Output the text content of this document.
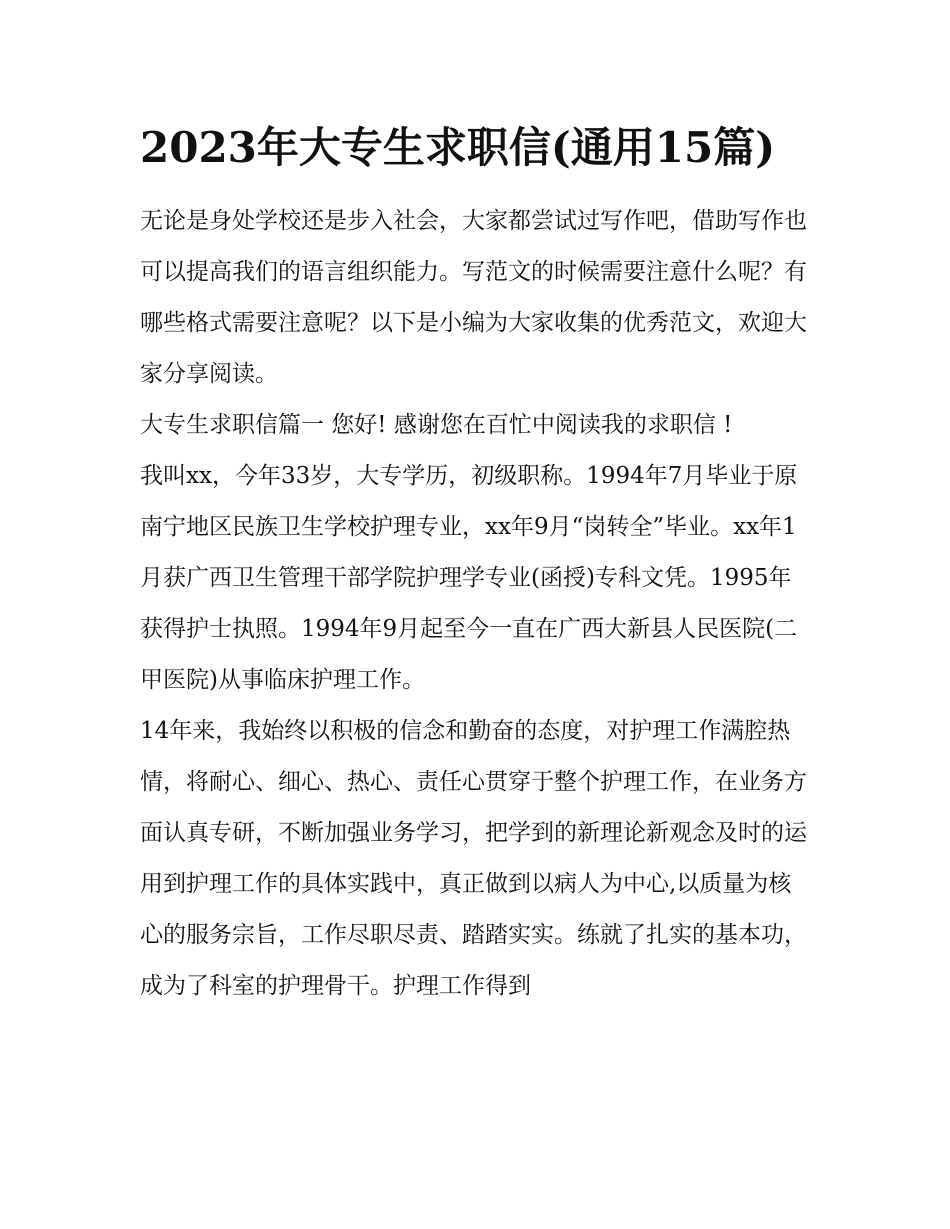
2023年大专生求职信(通用15篇)

无论是身处学校还是步入社会，大家都尝试过写作吧，借助写作也可以提高我们的语言组织能力。写范文的时候需要注意什么呢？有哪些格式需要注意呢？以下是小编为大家收集的优秀范文，欢迎大家分享阅读。

大专生求职信篇一 您好! 感谢您在百忙中阅读我的求职信 !

我叫xx，今年33岁，大专学历，初级职称。1994年7月毕业于原南宁地区民族卫生学校护理专业，xx年9月“岗转全”毕业。xx年1月获广西卫生管理干部学院护理学专业(函授)专科文凭。1995年获得护士执照。1994年9月起至今一直在广西大新县人民医院(二甲医院)从事临床护理工作。

14年来，我始终以积极的信念和勤奋的态度，对护理工作满腔热情，将耐心、细心、热心、责任心贯穿于整个护理工作，在业务方面认真专研，不断加强业务学习，把学到的新理论新观念及时的运用到护理工作的具体实践中，真正做到以病人为中心,以质量为核心的服务宗旨，工作尽职尽责、踏踏实实。练就了扎实的基本功，成为了科室的护理骨干。护理工作得到
